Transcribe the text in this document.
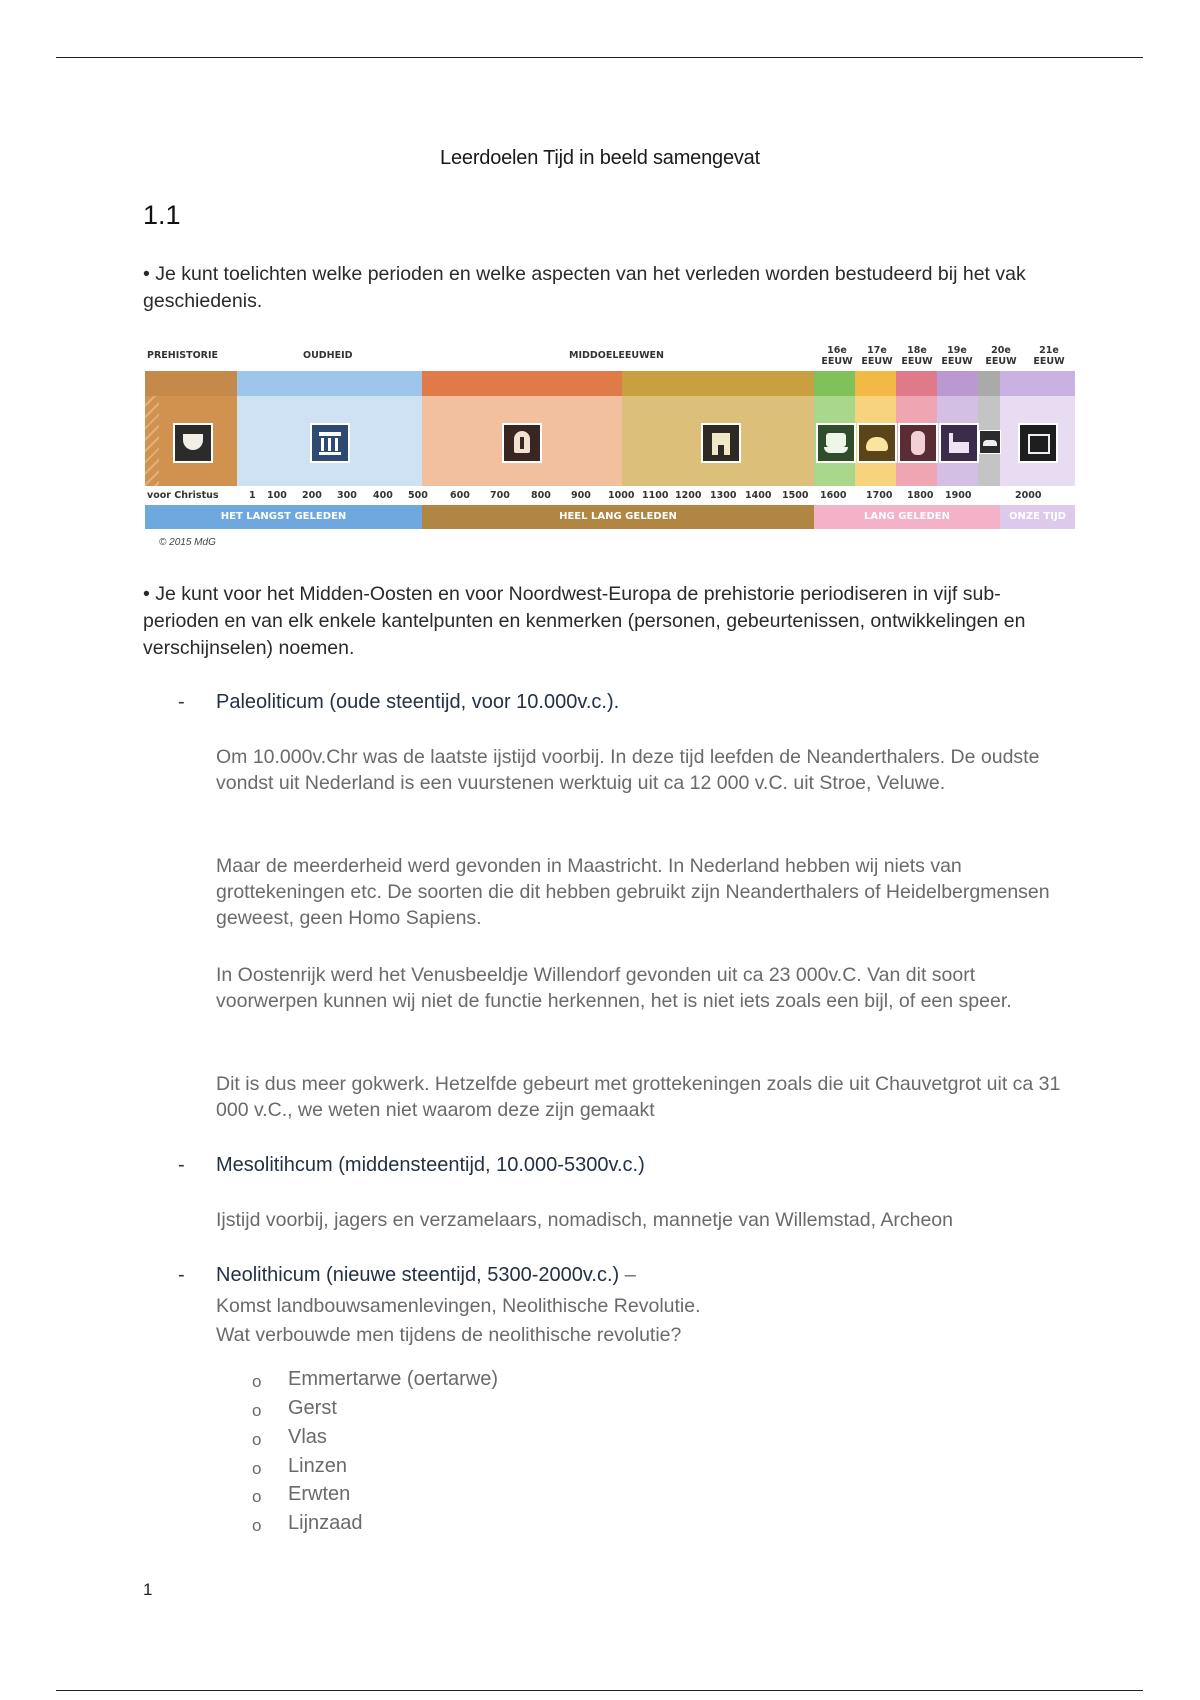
Leerdoelen Tijd in beeld samengevat
1.1
• Je kunt toelichten welke perioden en welke aspecten van het verleden worden bestudeerd bij het vak geschiedenis.
PREHISTORIE	OUDHEID	MIDDOELEEUWEN	16e EEUW
17e EEUW
18e EEUW
19e EEUW
20e EEUW
21e EEUW
voor Christus	1 100 200 300 400 500 600 700 800 900 1000 1100 1200 1300 1400 1500 1600 1700 1800 1900	2000
HET LANGST GELEDEN	HEEL LANG GELEDEN	LANG GELEDEN	ONZE TIJD
© 2015 MdG
• Je kunt voor het Midden-Oosten en voor Noordwest-Europa de prehistorie periodiseren in vijf sub-perioden en van elk enkele kantelpunten en kenmerken (personen, gebeurtenissen, ontwikkelingen en verschijnselen) noemen.
- Paleoliticum (oude steentijd, voor 10.000v.c.).
Om 10.000v.Chr was de laatste ijstijd voorbij. In deze tijd leefden de Neanderthalers. De oudste vondst uit Nederland is een vuurstenen werktuig uit ca 12 000 v.C. uit Stroe, Veluwe.
Maar de meerderheid werd gevonden in Maastricht. In Nederland hebben wij niets van grottekeningen etc. De soorten die dit hebben gebruikt zijn Neanderthalers of Heidelbergmensen geweest, geen Homo Sapiens.
In Oostenrijk werd het Venusbeeldje Willendorf gevonden uit ca 23 000v.C. Van dit soort voorwerpen kunnen wij niet de functie herkennen, het is niet iets zoals een bijl, of een speer.
Dit is dus meer gokwerk. Hetzelfde gebeurt met grottekeningen zoals die uit Chauvetgrot uit ca 31 000 v.C., we weten niet waarom deze zijn gemaakt
- Mesolitihcum (middensteentijd, 10.000-5300v.c.)
Ijstijd voorbij, jagers en verzamelaars, nomadisch, mannetje van Willemstad, Archeon
- Neolithicum (nieuwe steentijd, 5300-2000v.c.) –
Komst landbouwsamenlevingen, Neolithische Revolutie.
Wat verbouwde men tijdens de neolithische revolutie?
o Emmertarwe (oertarwe)
o Gerst
o Vlas
o Linzen
o Erwten
o Lijnzaad
1
